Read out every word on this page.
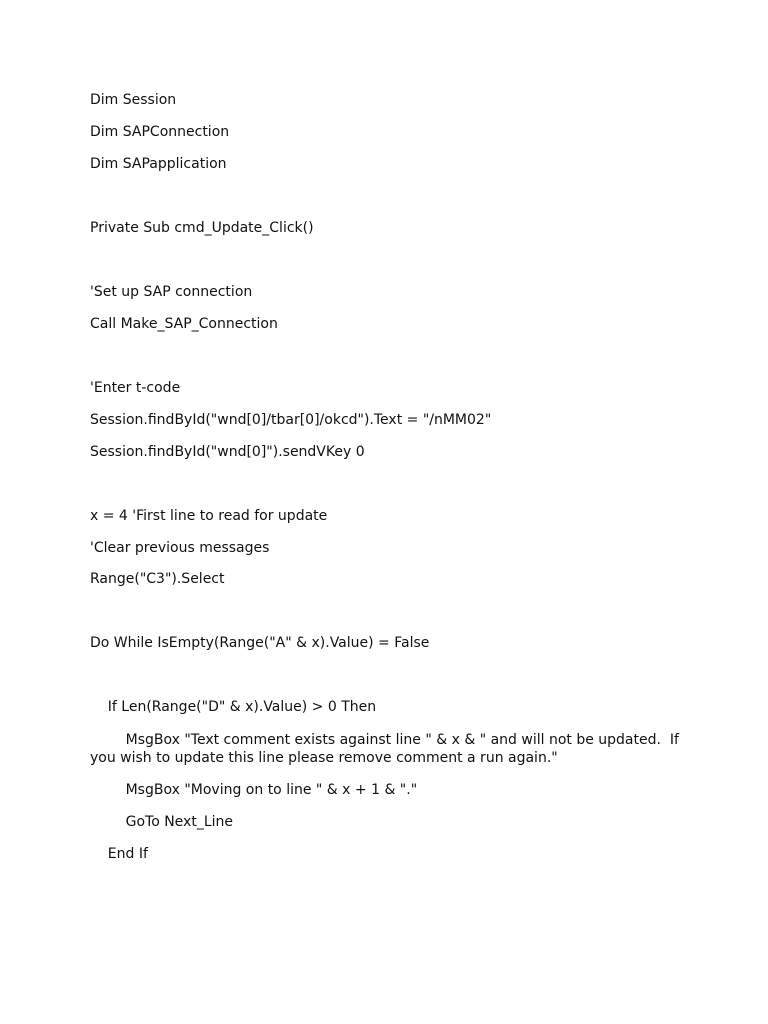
Dim Session
Dim SAPConnection
Dim SAPapplication
Private Sub cmd_Update_Click()
'Set up SAP connection
Call Make_SAP_Connection
'Enter t-code
Session.findById("wnd[0]/tbar[0]/okcd").Text = "/nMM02"
Session.findById("wnd[0]").sendVKey 0
x = 4 'First line to read for update
'Clear previous messages
Range("C3").Select
Do While IsEmpty(Range("A" & x).Value) = False
If Len(Range("D" & x).Value) > 0 Then
MsgBox "Text comment exists against line " & x & " and will not be updated.  If you wish to update this line please remove comment a run again."
MsgBox "Moving on to line " & x + 1 & "."
GoTo Next_Line
End If
